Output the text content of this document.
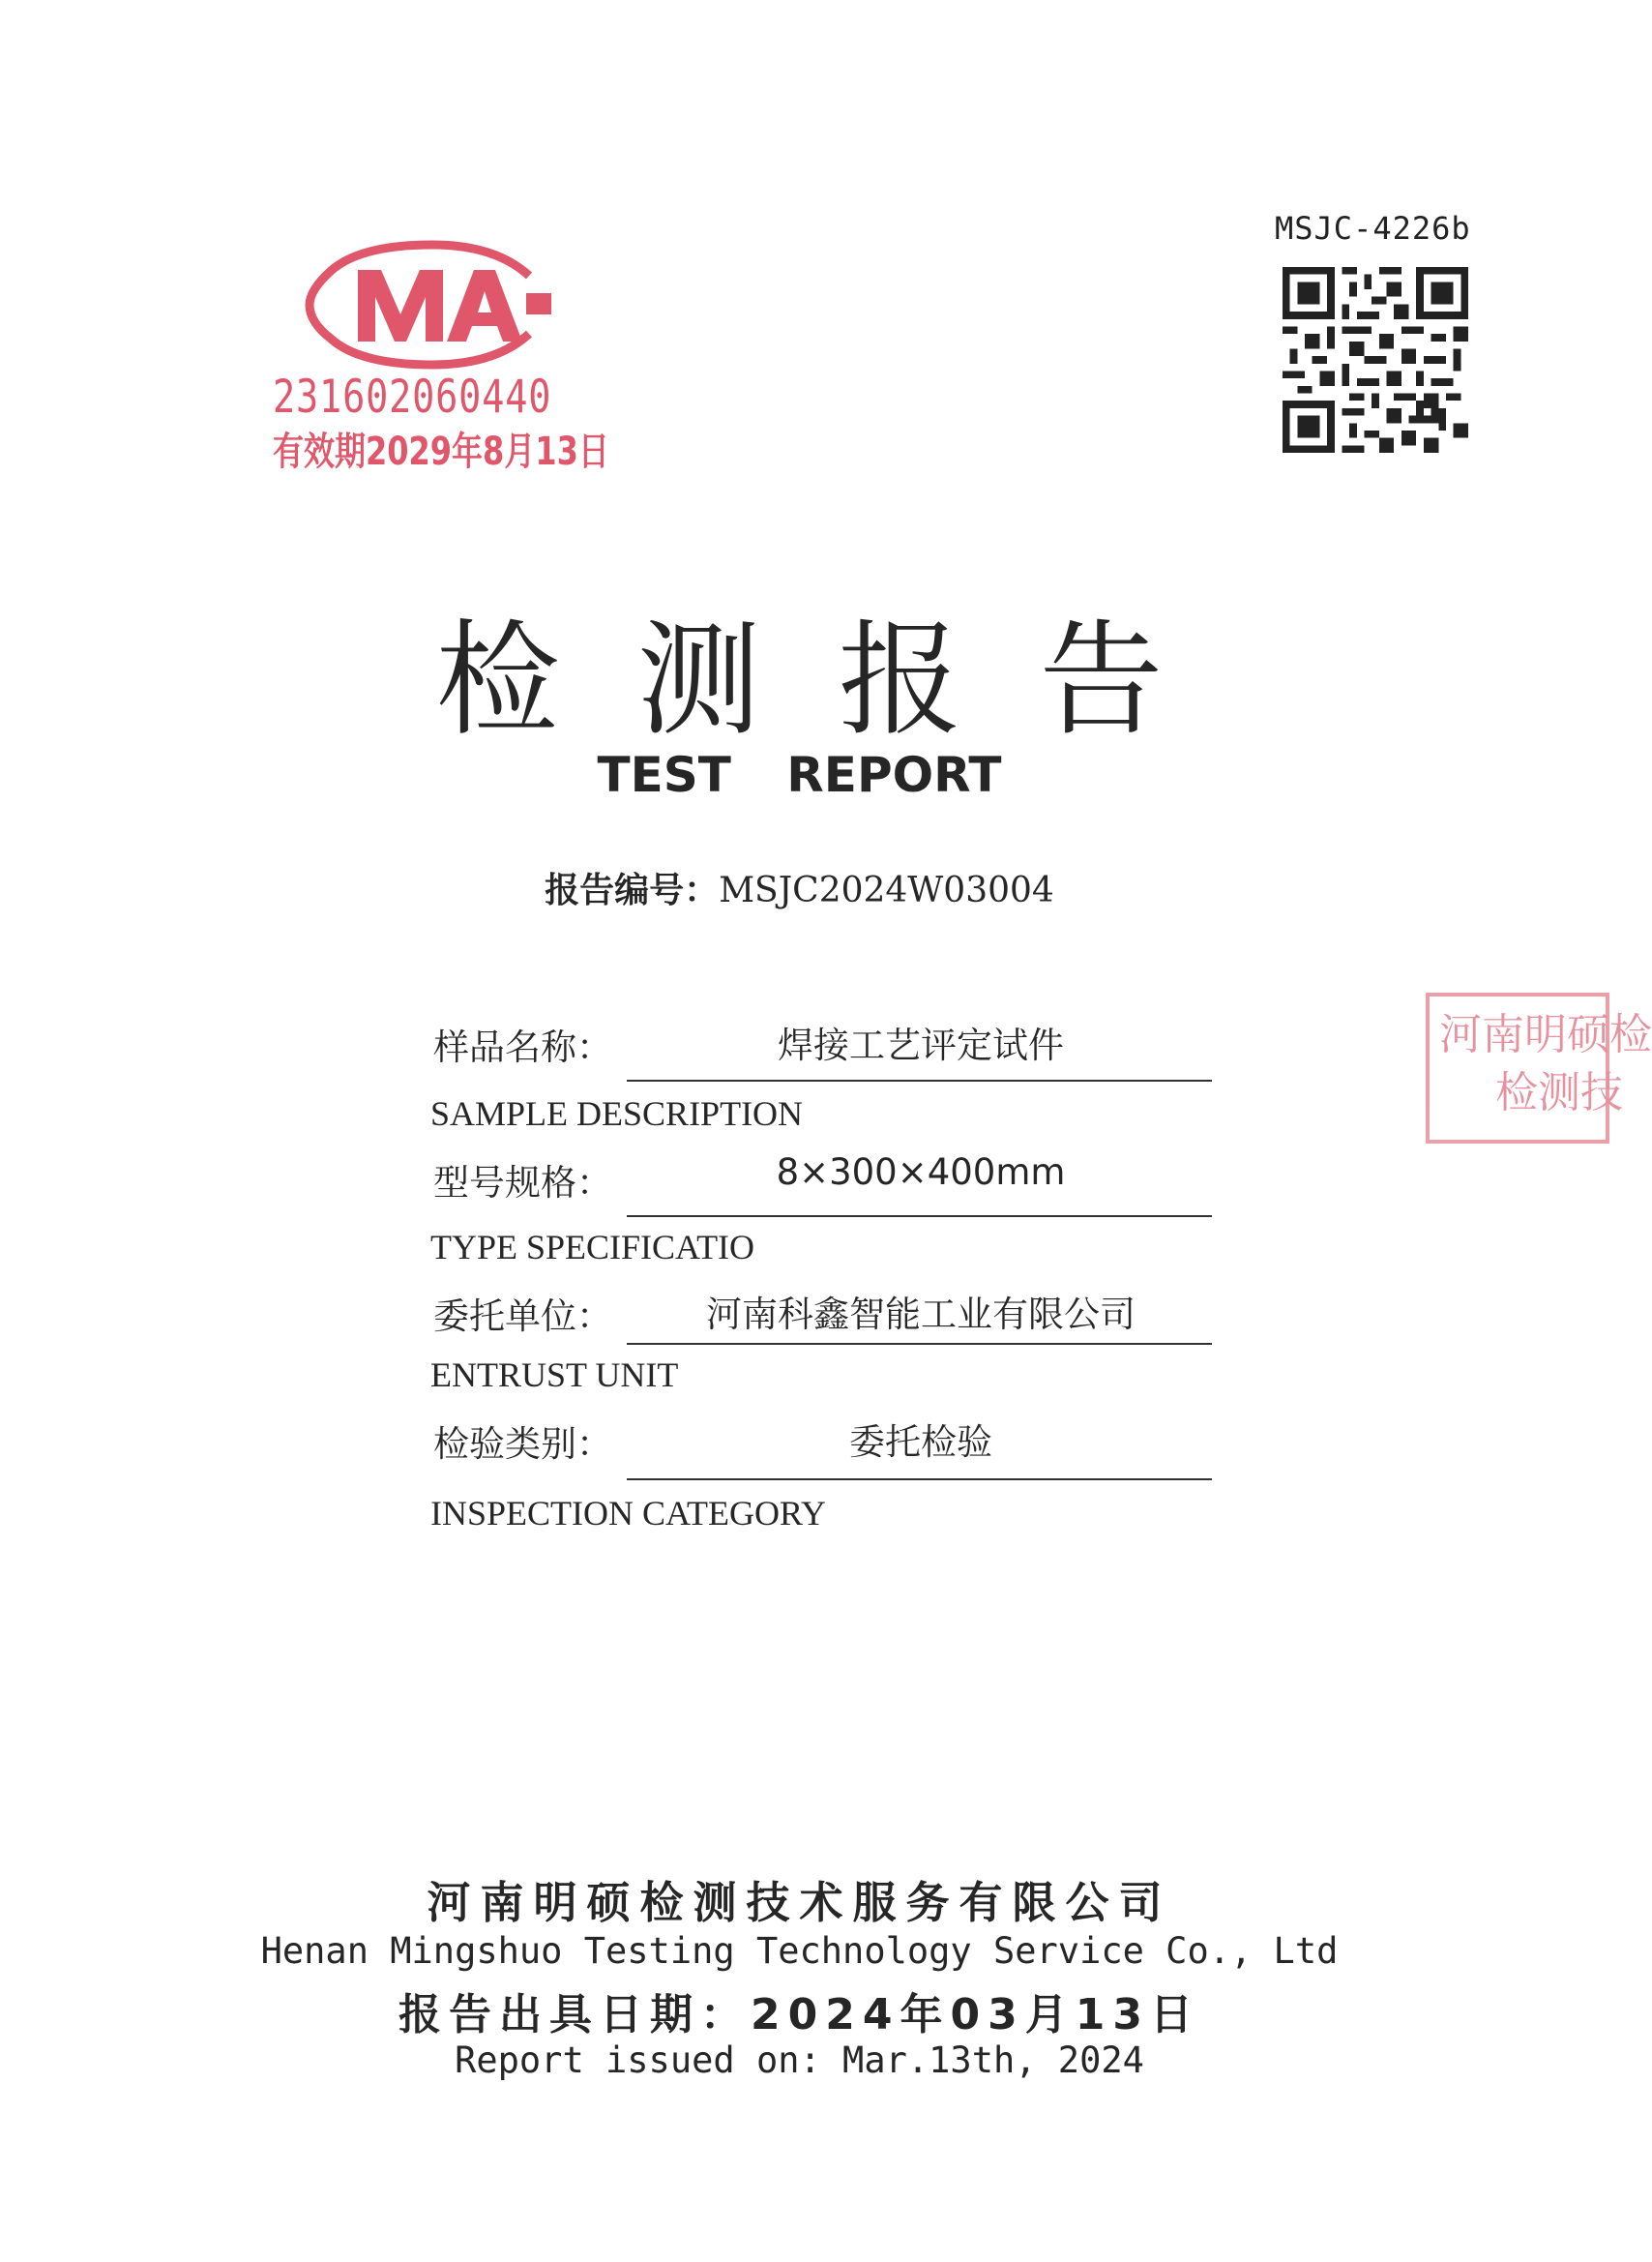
231602060440
有效期2029年8月13日
MSJC-4226b
检测报告
TEST REPORT
报告编号：MSJC2024W03004
样品名称：	焊接工艺评定试件
SAMPLE DESCRIPTION
型号规格：	8×300×400mm
TYPE SPECIFICATIO
委托单位：	河南科鑫智能工业有限公司
ENTRUST UNIT
检验类别：	委托检验
INSPECTION CATEGORY
河南明硕检
检测技
河南明硕检测技术服务有限公司
Henan Mingshuo Testing Technology Service Co., Ltd
报告出具日期：2024年03月13日
Report issued on: Mar.13th, 2024
